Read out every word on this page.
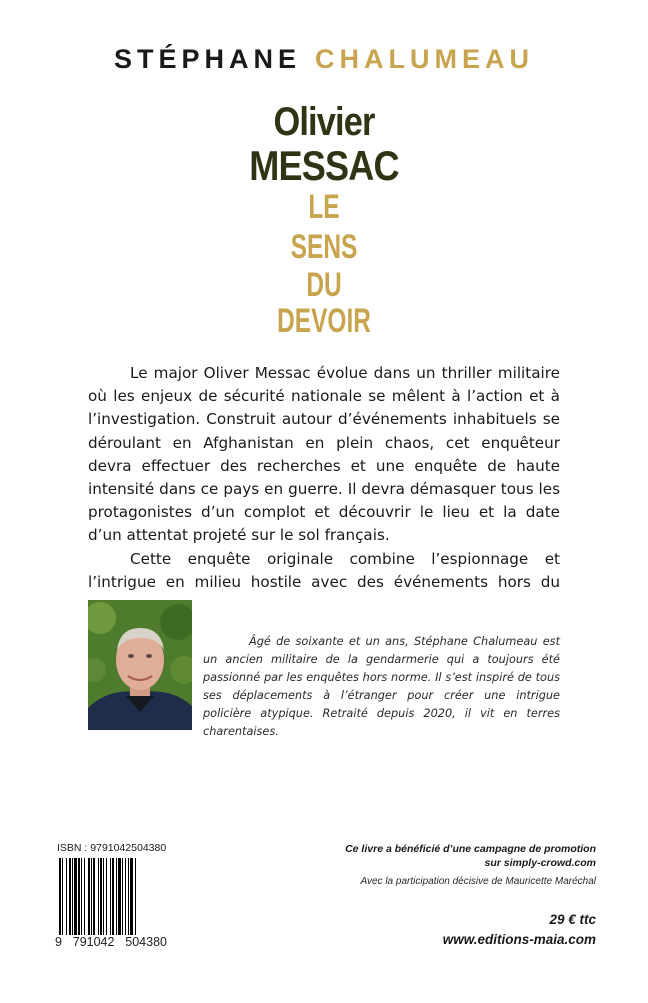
STÉPHANE CHALUMEAU
Olivier
MESSAC
LE
SENS
DU
DEVOIR

Le major Oliver Messac évolue dans un thriller militaire où les enjeux de sécurité nationale se mêlent à l’action et à l’investigation. Construit autour d’événements inhabituels se déroulant en Afghanistan en plein chaos, cet enquêteur devra effectuer des recherches et une enquête de haute intensité dans ce pays en guerre. Il devra démasquer tous les protagonistes d’un complot et découvrir le lieu et la date d’un attentat projeté sur le sol français.

Cette enquête originale combine l’espionnage et l’intrigue en milieu hostile avec des événements hors du

Âgé de soixante et un ans, Stéphane Chalumeau est un ancien militaire de la gendarmerie qui a toujours été passionné par les enquêtes hors norme. Il s’est inspiré de tous ses déplacements à l’étranger pour créer une intrigue policière atypique. Retraité depuis 2020, il vit en terres charentaises.
ISBN : 9791042504380
9 791042 504380
Ce livre a bénéficié d’une campagne de promotion
sur simply-crowd.com
Avec la participation décisive de Mauricette Maréchal
29 € ttc
www.editions-maia.com
